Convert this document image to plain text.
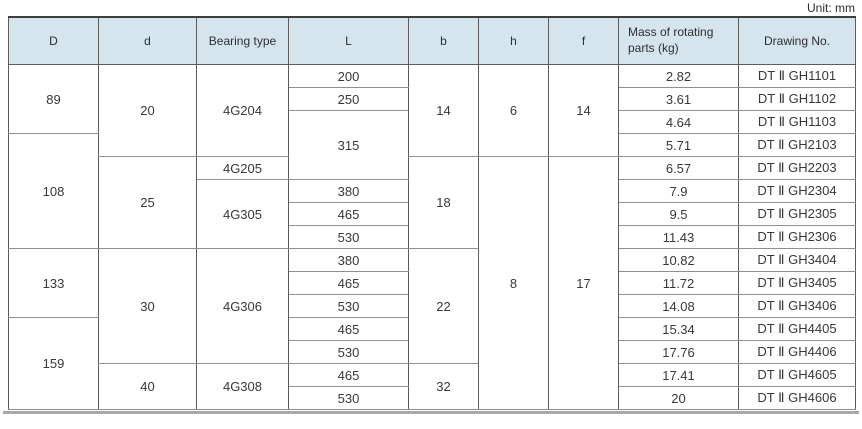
Unit: mm
D	d	Bearing type	L	b	h	f	Mass of rotating parts (kg)	Drawing No.
89	20	4G204	200	14	6	14	2.82	DT Ⅱ GH1101
			250				3.61	DT Ⅱ GH1102
			315				4.64	DT Ⅱ GH1103
108							5.71	DT Ⅱ GH2103
	25	4G205		18	8	17	6.57	DT Ⅱ GH2203
		4G305	380				7.9	DT Ⅱ GH2304
			465				9.5	DT Ⅱ GH2305
			530				11.43	DT Ⅱ GH2306
133	30	4G306	380	22			10.82	DT Ⅱ GH3404
			465				11.72	DT Ⅱ GH3405
			530				14.08	DT Ⅱ GH3406
159			465				15.34	DT Ⅱ GH4405
			530				17.76	DT Ⅱ GH4406
	40	4G308	465	32			17.41	DT Ⅱ GH4605
			530				20	DT Ⅱ GH4606
